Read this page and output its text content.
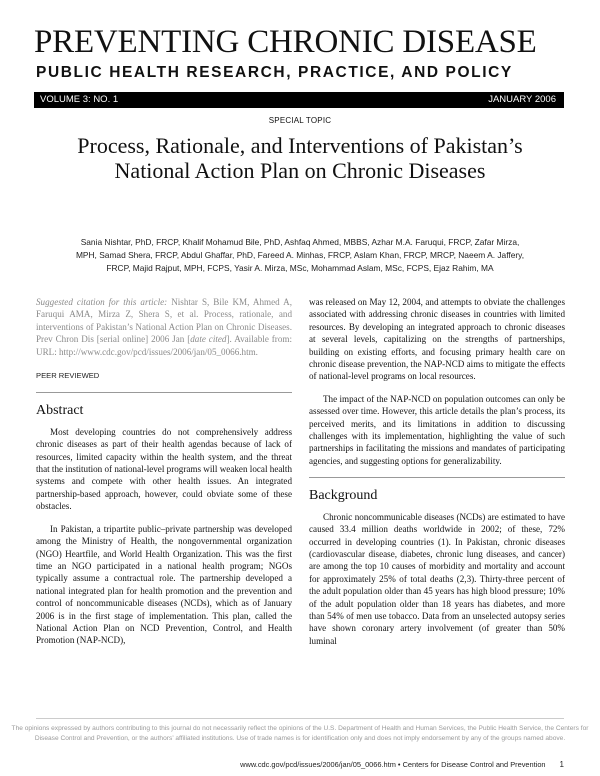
PREVENTING CHRONIC DISEASE
PUBLIC HEALTH RESEARCH, PRACTICE, AND POLICY
VOLUME 3: NO. 1	JANUARY 2006
SPECIAL TOPIC
Process, Rationale, and Interventions of Pakistan’s National Action Plan on Chronic Diseases
Sania Nishtar, PhD, FRCP, Khalif Mohamud Bile, PhD, Ashfaq Ahmed, MBBS, Azhar M.A. Faruqui, FRCP, Zafar Mirza, MPH, Samad Shera, FRCP, Abdul Ghaffar, PhD, Fareed A. Minhas, FRCP, Aslam Khan, FRCP, MRCP, Naeem A. Jaffery, FRCP, Majid Rajput, MPH, FCPS, Yasir A. Mirza, MSc, Mohammad Aslam, MSc, FCPS, Ejaz Rahim, MA

Suggested citation for this article: Nishtar S, Bile KM, Ahmed A, Faruqui AMA, Mirza Z, Shera S, et al. Process, rationale, and interventions of Pakistan’s National Action Plan on Chronic Diseases. Prev Chron Dis [serial online] 2006 Jan [date cited]. Available from: URL: http://www.cdc.gov/pcd/issues/2006/jan/05_0066.htm.

PEER REVIEWED
Abstract

Most developing countries do not comprehensively address chronic diseases as part of their health agendas because of lack of resources, limited capacity within the health system, and the threat that the institution of national-level programs will weaken local health systems and compete with other health issues. An integrated partnership-based approach, however, could obviate some of these obstacles.

In Pakistan, a tripartite public–private partnership was developed among the Ministry of Health, the nongovernmental organization (NGO) Heartfile, and World Health Organization. This was the first time an NGO participated in a national health program; NGOs typically assume a contractual role. The partnership developed a national integrated plan for health promotion and the prevention and control of noncommunicable diseases (NCDs), which as of January 2006 is in the first stage of implementation. This plan, called the National Action Plan on NCD Prevention, Control, and Health Promotion (NAP-NCD),

was released on May 12, 2004, and attempts to obviate the challenges associated with addressing chronic diseases in countries with limited resources. By developing an integrated approach to chronic diseases at several levels, capitalizing on the strengths of partnerships, building on existing efforts, and focusing primary health care on chronic disease prevention, the NAP-NCD aims to mitigate the effects of national-level programs on local resources.

The impact of the NAP-NCD on population outcomes can only be assessed over time. However, this article details the plan’s process, its perceived merits, and its limitations in addition to discussing challenges with its implementation, highlighting the value of such partnerships in facilitating the missions and mandates of participating agencies, and suggesting options for generalizability.

Background

Chronic noncommunicable diseases (NCDs) are estimated to have caused 33.4 million deaths worldwide in 2002; of these, 72% occurred in developing countries (1). In Pakistan, chronic diseases (cardiovascular disease, diabetes, chronic lung diseases, and cancer) are among the top 10 causes of morbidity and mortality and account for approximately 25% of total deaths (2,3). Thirty-three percent of the adult population older than 45 years has high blood pressure; 10% of the adult population older than 18 years has diabetes, and more than 54% of men use tobacco. Data from an unselected autopsy series have shown coronary artery involvement (of greater than 50% luminal

The opinions expressed by authors contributing to this journal do not necessarily reflect the opinions of the U.S. Department of Health and Human Services, the Public Health Service, the Centers for Disease Control and Prevention, or the authors’ affiliated institutions. Use of trade names is for identification only and does not imply endorsement by any of the groups named above.
www.cdc.gov/pcd/issues/2006/jan/05_0066.htm • Centers for Disease Control and Prevention 1
